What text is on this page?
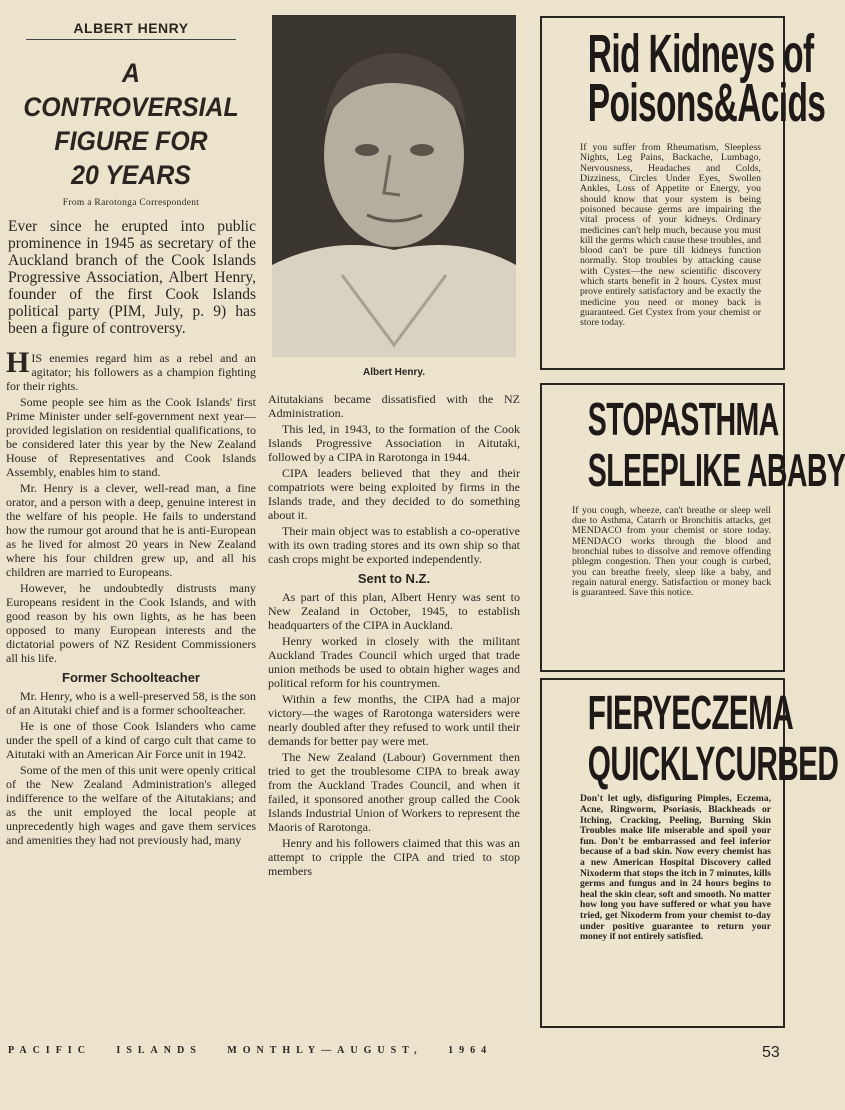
ALBERT HENRY
A CONTROVERSIAL
FIGURE FOR
20 YEARS
From a Rarotonga Correspondent
Ever since he erupted into public prominence in 1945 as secretary of the Auckland branch of the Cook Islands Progressive Association, Albert Henry, founder of the first Cook Islands political party (PIM, July, p. 9) has been a figure of controversy.

HIS enemies regard him as a rebel and an agitator; his followers as a champion fighting for their rights.

Some people see him as the Cook Islands' first Prime Minister under self-government next year—provided legislation on residential qualifications, to be considered later this year by the New Zealand House of Representatives and Cook Islands Assembly, enables him to stand.

Mr. Henry is a clever, well-read man, a fine orator, and a person with a deep, genuine interest in the welfare of his people. He fails to understand how the rumour got around that he is anti-European as he lived for almost 20 years in New Zealand where his four children grew up, and all his children are married to Europeans.

However, he undoubtedly distrusts many Europeans resident in the Cook Islands, and with good reason by his own lights, as he has been opposed to many European interests and the dictatorial powers of NZ Resident Commissioners all his life.

Former Schoolteacher

Mr. Henry, who is a well-preserved 58, is the son of an Aitutaki chief and is a former schoolteacher.

He is one of those Cook Islanders who came under the spell of a kind of cargo cult that came to Aitutaki with an American Air Force unit in 1942.

Some of the men of this unit were openly critical of the New Zealand Administration's alleged indifference to the welfare of the Aitutakians; and as the unit employed the local people at unprecedently high wages and gave them services and amenities they had not previously had, many

Albert Henry.

Aitutakians became dissatisfied with the NZ Administration.

This led, in 1943, to the formation of the Cook Islands Progressive Association in Aitutaki, followed by a CIPA in Rarotonga in 1944.

CIPA leaders believed that they and their compatriots were being exploited by firms in the Islands trade, and they decided to do something about it.

Their main object was to establish a co-operative with its own trading stores and its own ship so that cash crops might be exported independently.

Sent to N.Z.

As part of this plan, Albert Henry was sent to New Zealand in October, 1945, to establish headquarters of the CIPA in Auckland.

Henry worked in closely with the militant Auckland Trades Council which urged that trade union methods be used to obtain higher wages and political reform for his countrymen.

Within a few months, the CIPA had a major victory—the wages of Rarotonga watersiders were nearly doubled after they refused to work until their demands for better pay were met.

The New Zealand (Labour) Government then tried to get the troublesome CIPA to break away from the Auckland Trades Council, and when it failed, it sponsored another group called the Cook Islands Industrial Union of Workers to represent the Maoris of Rarotonga.

Henry and his followers claimed that this was an attempt to cripple the CIPA and tried to stop members

Rid Kidneys of
Poisons&Acids
If you suffer from Rheumatism, Sleepless Nights, Leg Pains, Backache, Lumbago, Nervousness, Headaches and Colds, Dizziness, Circles Under Eyes, Swollen Ankles, Loss of Appetite or Energy, you should know that your system is being poisoned because germs are impairing the vital process of your kidneys. Ordinary medicines can't help much, because you must kill the germs which cause these troubles, and blood can't be pure till kidneys function normally. Stop troubles by attacking cause with Cystex—the new scientific discovery which starts benefit in 2 hours. Cystex must prove entirely satisfactory and be exactly the medicine you need or money back is guaranteed. Get Cystex from your chemist or store today.
STOPASTHMA
SLEEPLIKE ABABY
If you cough, wheeze, can't breathe or sleep well due to Asthma, Catarrh or Bronchitis attacks, get MENDACO from your chemist or store today. MENDACO works through the blood and bronchial tubes to dissolve and remove offending phlegm congestion. Then your cough is curbed, you can breathe freely, sleep like a baby, and regain natural energy. Satisfaction or money back is guaranteed. Save this notice.
FIERYECZEMA
QUICKLYCURBED
Don't let ugly, disfiguring Pimples, Eczema, Acne, Ringworm, Psoriasis, Blackheads or Itching, Cracking, Peeling, Burning Skin Troubles make life miserable and spoil your fun. Don't be embarrassed and feel inferior because of a bad skin. Now every chemist has a new American Hospital Discovery called Nixoderm that stops the itch in 7 minutes, kills germs and fungus and in 24 hours begins to heal the skin clear, soft and smooth. No matter how long you have suffered or what you have tried, get Nixoderm from your chemist to-day under positive guarantee to return your money if not entirely satisfied.
PACIFIC   ISLANDS   MONTHLY—AUGUST,   1964	53
